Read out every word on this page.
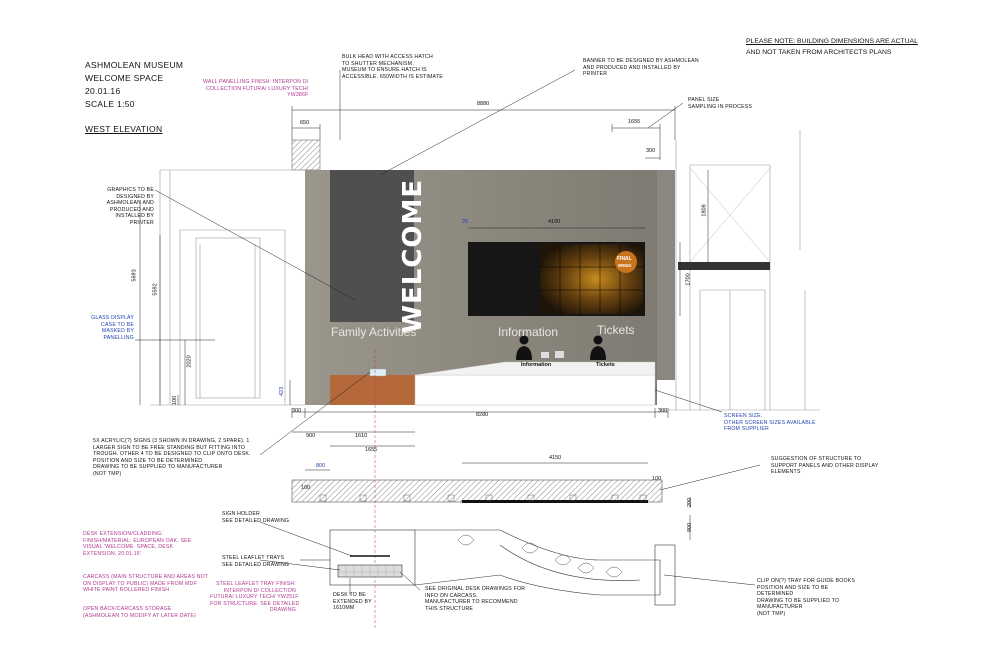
ASHMOLEAN MUSEUM
WELCOME SPACE
20.01.16
SCALE 1:50
WEST ELEVATION
PLEASE NOTE: BUILDING DIMENSIONS ARE ACTUAL
AND NOT TAKEN FROM ARCHITECTS PLANS
WALL PANELLING FINISH: INTERPON D/
COLLECTION FUTURA/ LUXURY TECH/
YW386F
BULK HEAD WITH ACCESS HATCH
TO SHUTTER MECHANISM.
MUSEUM TO ENSURE HATCH IS
ACCESSIBLE. 650WIDTH IS ESTIMATE
BANNER TO BE DESIGNED BY ASHMOLEAN
AND PRODUCED AND INSTALLED BY
PRINTER
PANEL SIZE
SAMPLING IN PROCESS
GRAPHICS TO BE
DESIGNED BY
ASHMOLEAN AND
PRODUCED AND
INSTALLED BY
PRINTER
GLASS DISPLAY
CASE TO BE
MASKED BY
PANELLING
SCREEN SIZE.
OTHER SCREEN SIZES AVAILABLE
FROM SUPPLIER
5X ACRYLIC(?) SIGNS (3 SHOWN IN DRAWING, 2 SPARE). 1
LARGER SIGN TO BE FREE STANDING BUT FITTING INTO
TROUGH. OTHER 4 TO BE DESIGNED TO CLIP ONTO DESK.
POSITION AND SIZE TO BE DETERMINED
DRAWING TO BE SUPPLIED TO MANUFACTURER
(NOT TMP)
SUGGESTION OF STRUCTURE TO
SUPPORT PANELS AND OTHER DISPLAY
ELEMENTS
SIGN HOLDER
SEE DETAILED DRAWING
DESK EXTENSION/CLADDING:
FINISH/MATERIAL: EUROPEAN OAK. SEE
VISUAL 'WELCOME  SPACE, DESK
EXTENSION, 20.01.16'
CARCASS (MAIN STRUCTURE AND AREAS NOT
ON DISPLAY TO PUBLIC) MADE FROM MDF
WHITE PAINT ROLLERED FINISH.
OPEN BACK/CARCASS STORAGE
(ASHMOLEAN TO MODIFY AT LATER DATE)
STEEL LEAFLET TRAYS
SEE DETAILED DRAWING
STEEL LEAFLET TRAY FINISH:
INTERPON D/ COLLECTION
FUTURA/ LUXURY TECH/ YW251F
FOR STRUCTURE: SEE DETAILED
DRAWING
DESK TO BE
EXTENDED BY
1610MM
SEE ORIGINAL DESK DRAWINGS FOR
INFO ON CARCASS.
MANUFACTURER TO RECOMMEND
THIS STRUCTURE
CLIP ON(?) TRAY FOR GUIDE BOOKS
POSITION AND SIZE TO BE
DETERMINED
DRAWING TO BE SUPPLIED TO
MANUFACTURER
(NOT TMP)

WELCOME

Family Activities	Information	Tickets
Information	Tickets
FINAL
WEEK
8880
650	1655
300
4100
25
1700
1808
5693
5592
2020
100
423
300
8280
300
900	1610
1655
800
4150
100
100
200
900
